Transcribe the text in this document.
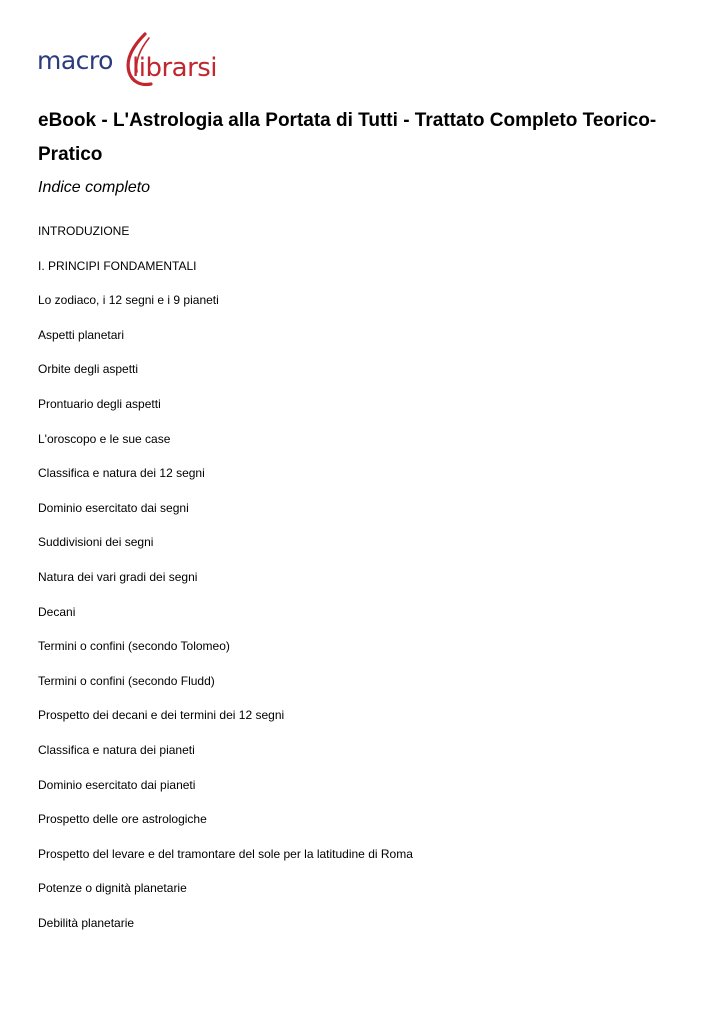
macro librarsi
eBook - L'Astrologia alla Portata di Tutti - Trattato Completo Teorico-Pratico

Indice completo

INTRODUZIONE
I. PRINCIPI FONDAMENTALI
Lo zodiaco, i 12 segni e i 9 pianeti
Aspetti planetari
Orbite degli aspetti
Prontuario degli aspetti
L'oroscopo e le sue case
Classifica e natura dei 12 segni
Dominio esercitato dai segni
Suddivisioni dei segni
Natura dei vari gradi dei segni
Decani
Termini o confini (secondo Tolomeo)
Termini o confini (secondo Fludd)
Prospetto dei decani e dei termini dei 12 segni
Classifica e natura dei pianeti
Dominio esercitato dai pianeti
Prospetto delle ore astrologiche
Prospetto del levare e del tramontare del sole per la latitudine di Roma
Potenze o dignità planetarie
Debilità planetarie
